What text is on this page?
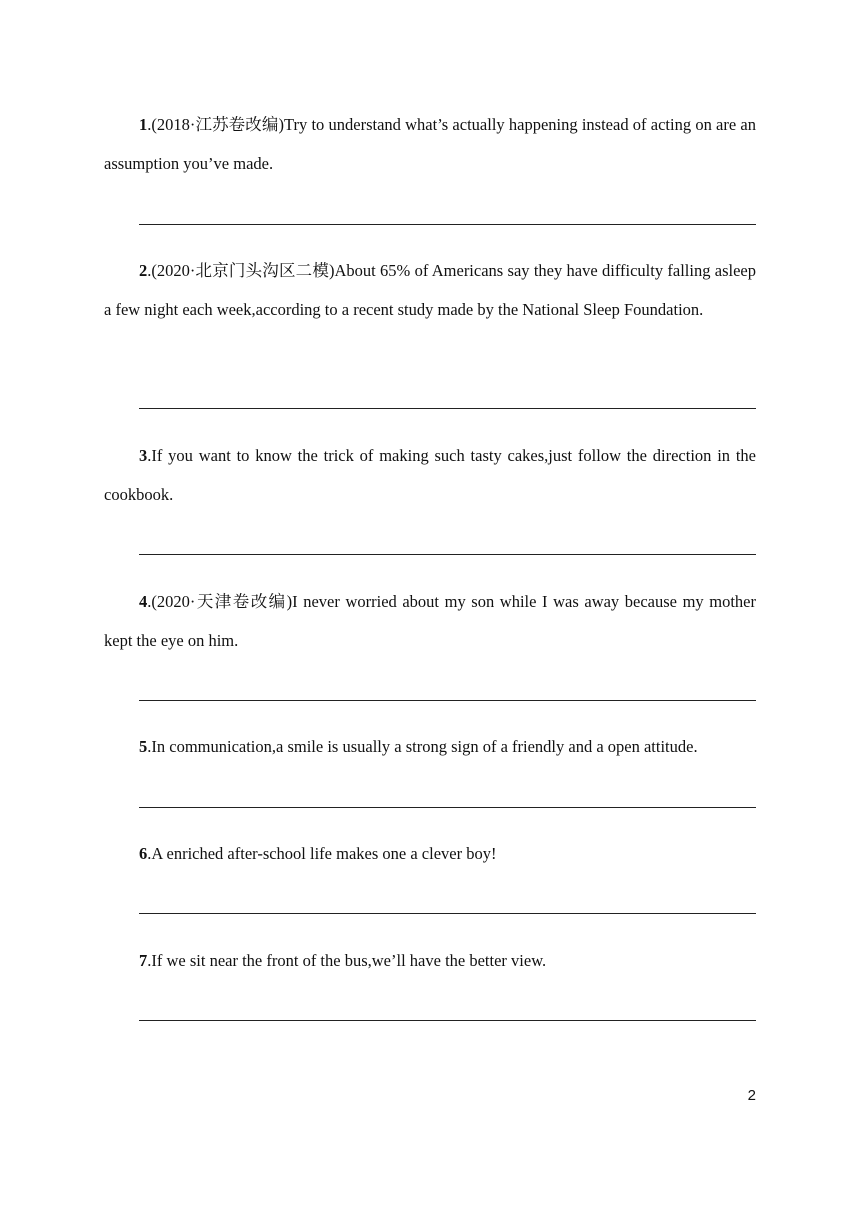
1.(2018·江苏卷改编)Try to understand what’s actually happening instead of acting on are an assumption you’ve made.
2.(2020·北京门头沟区二模)About 65% of Americans say they have difficulty falling asleep a few night each week,according to a recent study made by the National Sleep Foundation.
3.If you want to know the trick of making such tasty cakes,just follow the direction in the cookbook.
4.(2020·天津卷改编)I never worried about my son while I was away because my mother kept the eye on him.
5.In communication,a smile is usually a strong sign of a friendly and a open attitude.
6.A enriched after-school life makes one a clever boy!
7.If we sit near the front of the bus,we’ll have the better view.
2
